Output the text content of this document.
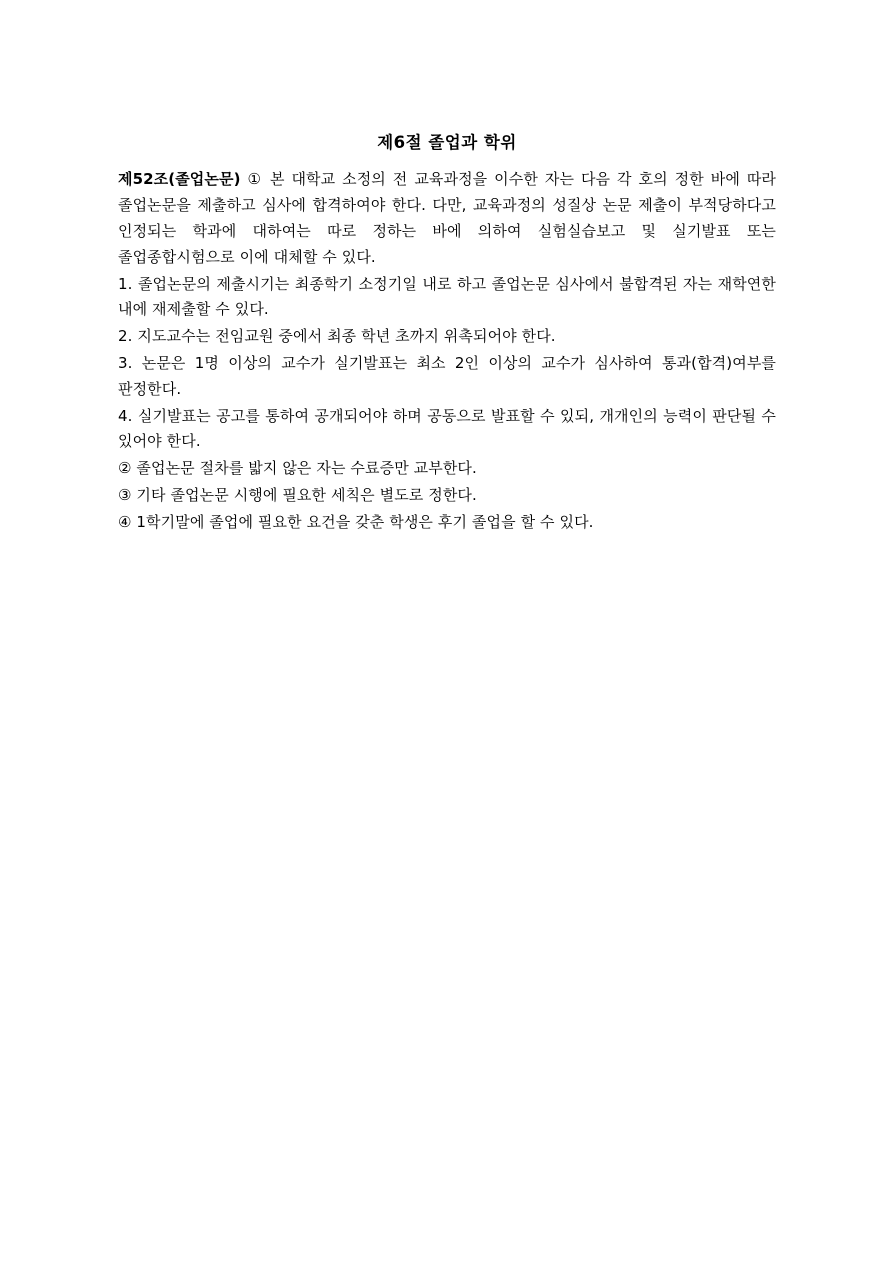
제6절 졸업과 학위

제52조(졸업논문) ① 본 대학교 소정의 전 교육과정을 이수한 자는 다음 각 호의 정한 바에 따라 졸업논문을 제출하고 심사에 합격하여야 한다. 다만, 교육과정의 성질상 논문 제출이 부적당하다고 인정되는 학과에 대하여는 따로 정하는 바에 의하여 실험실습보고 및 실기발표 또는 졸업종합시험으로 이에 대체할 수 있다.

1. 졸업논문의 제출시기는 최종학기 소정기일 내로 하고 졸업논문 심사에서 불합격된 자는 재학연한 내에 재제출할 수 있다.

2. 지도교수는 전임교원 중에서 최종 학년 초까지 위촉되어야 한다.

3. 논문은 1명 이상의 교수가 실기발표는 최소 2인 이상의 교수가 심사하여 통과(합격)여부를 판정한다.

4. 실기발표는 공고를 통하여 공개되어야 하며 공동으로 발표할 수 있되, 개개인의 능력이 판단될 수 있어야 한다.

② 졸업논문 절차를 밟지 않은 자는 수료증만 교부한다.

③ 기타 졸업논문 시행에 필요한 세칙은 별도로 정한다.

④ 1학기말에 졸업에 필요한 요건을 갖춘 학생은 후기 졸업을 할 수 있다.
